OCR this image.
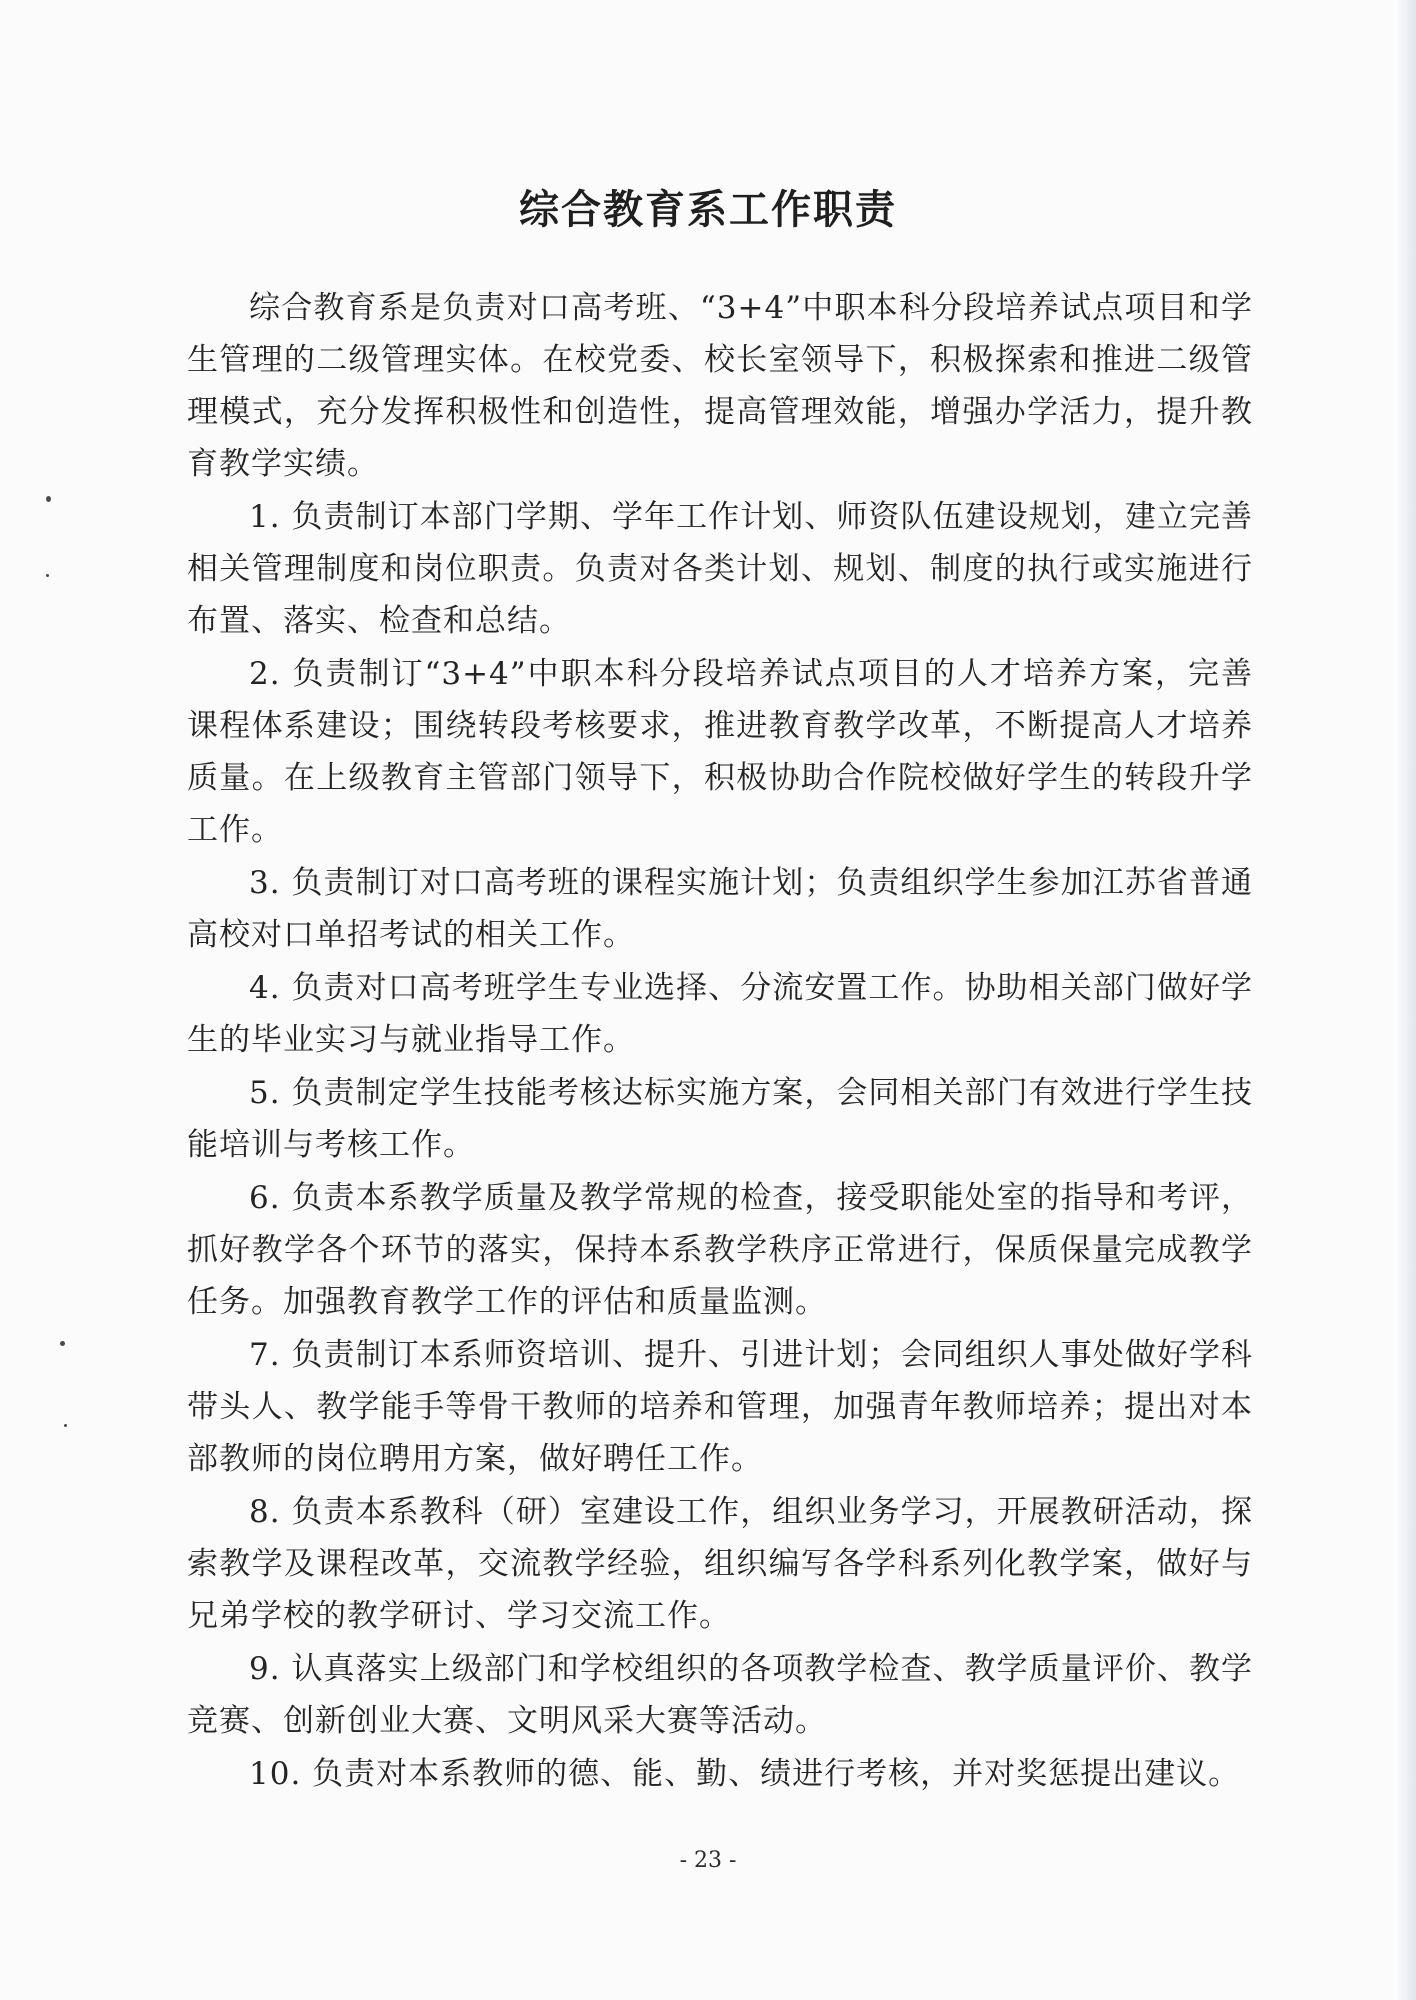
综合教育系工作职责

综合教育系是负责对口高考班、“3+4”中职本科分段培养试点项目和学生管理的二级管理实体。在校党委、校长室领导下，积极探索和推进二级管理模式，充分发挥积极性和创造性，提高管理效能，增强办学活力，提升教育教学实绩。

1. 负责制订本部门学期、学年工作计划、师资队伍建设规划，建立完善相关管理制度和岗位职责。负责对各类计划、规划、制度的执行或实施进行布置、落实、检查和总结。

2. 负责制订“3+4”中职本科分段培养试点项目的人才培养方案，完善课程体系建设；围绕转段考核要求，推进教育教学改革，不断提高人才培养质量。在上级教育主管部门领导下，积极协助合作院校做好学生的转段升学工作。

3. 负责制订对口高考班的课程实施计划；负责组织学生参加江苏省普通高校对口单招考试的相关工作。

4. 负责对口高考班学生专业选择、分流安置工作。协助相关部门做好学生的毕业实习与就业指导工作。

5. 负责制定学生技能考核达标实施方案，会同相关部门有效进行学生技能培训与考核工作。

6. 负责本系教学质量及教学常规的检查，接受职能处室的指导和考评，抓好教学各个环节的落实，保持本系教学秩序正常进行，保质保量完成教学任务。加强教育教学工作的评估和质量监测。

7. 负责制订本系师资培训、提升、引进计划；会同组织人事处做好学科带头人、教学能手等骨干教师的培养和管理，加强青年教师培养；提出对本部教师的岗位聘用方案，做好聘任工作。

8. 负责本系教科（研）室建设工作，组织业务学习，开展教研活动，探索教学及课程改革，交流教学经验，组织编写各学科系列化教学案，做好与兄弟学校的教学研讨、学习交流工作。

9. 认真落实上级部门和学校组织的各项教学检查、教学质量评价、教学竞赛、创新创业大赛、文明风采大赛等活动。

10. 负责对本系教师的德、能、勤、绩进行考核，并对奖惩提出建议。

- 23 -
